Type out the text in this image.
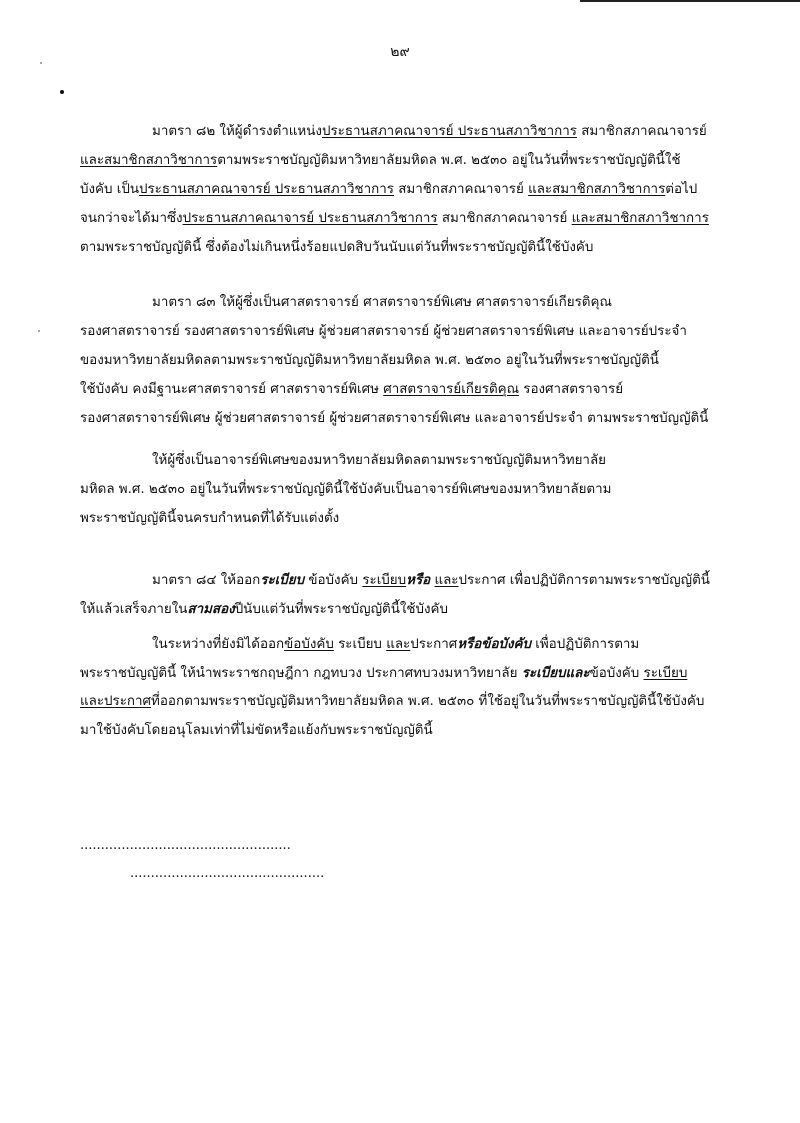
๒๙
มาตรา ๘๒ ให้ผู้ดำรงตำแหน่งประธานสภาคณาจารย์ ประธานสภาวิชาการ สมาชิกสภาคณาจารย์
และสมาชิกสภาวิชาการตามพระราชบัญญัติมหาวิทยาลัยมหิดล พ.ศ. ๒๕๓๐ อยู่ในวันที่พระราชบัญญัตินี้ใช้
บังคับ เป็นประธานสภาคณาจารย์ ประธานสภาวิชาการ สมาชิกสภาคณาจารย์ และสมาชิกสภาวิชาการต่อไป
จนกว่าจะได้มาซึ่งประธานสภาคณาจารย์ ประธานสภาวิชาการ สมาชิกสภาคณาจารย์ และสมาชิกสภาวิชาการ
ตามพระราชบัญญัตินี้ ซึ่งต้องไม่เกินหนึ่งร้อยแปดสิบวันนับแต่วันที่พระราชบัญญัตินี้ใช้บังคับ
มาตรา ๘๓ ให้ผู้ซึ่งเป็นศาสตราจารย์ ศาสตราจารย์พิเศษ ศาสตราจารย์เกียรติคุณ
รองศาสตราจารย์ รองศาสตราจารย์พิเศษ ผู้ช่วยศาสตราจารย์ ผู้ช่วยศาสตราจารย์พิเศษ และอาจารย์ประจำ
ของมหาวิทยาลัยมหิดลตามพระราชบัญญัติมหาวิทยาลัยมหิดล พ.ศ. ๒๕๓๐ อยู่ในวันที่พระราชบัญญัตินี้
ใช้บังคับ คงมีฐานะศาสตราจารย์ ศาสตราจารย์พิเศษ ศาสตราจารย์เกียรติคุณ รองศาสตราจารย์
รองศาสตราจารย์พิเศษ ผู้ช่วยศาสตราจารย์ ผู้ช่วยศาสตราจารย์พิเศษ และอาจารย์ประจำ ตามพระราชบัญญัตินี้
ให้ผู้ซึ่งเป็นอาจารย์พิเศษของมหาวิทยาลัยมหิดลตามพระราชบัญญัติมหาวิทยาลัย
มหิดล พ.ศ. ๒๕๓๐ อยู่ในวันที่พระราชบัญญัตินี้ใช้บังคับเป็นอาจารย์พิเศษของมหาวิทยาลัยตาม
พระราชบัญญัตินี้จนครบกำหนดที่ได้รับแต่งตั้ง
มาตรา ๘๔ ให้ออกระเบียบ ข้อบังคับ ระเบียบหรือ และประกาศ เพื่อปฏิบัติการตามพระราชบัญญัตินี้
ให้แล้วเสร็จภายในสามสองปีนับแต่วันที่พระราชบัญญัตินี้ใช้บังคับ
ในระหว่างที่ยังมิได้ออกข้อบังคับ ระเบียบ และประกาศหรือข้อบังคับ เพื่อปฏิบัติการตาม
พระราชบัญญัตินี้ ให้นำพระราชกฤษฎีกา กฎทบวง ประกาศทบวงมหาวิทยาลัย ระเบียบและข้อบังคับ ระเบียบ
และประกาศที่ออกตามพระราชบัญญัติมหาวิทยาลัยมหิดล พ.ศ. ๒๕๓๐ ที่ใช้อยู่ในวันที่พระราชบัญญัตินี้ใช้บังคับ
มาใช้บังคับโดยอนุโลมเท่าที่ไม่ขัดหรือแย้งกับพระราชบัญญัตินี้
...................................................
...............................................
